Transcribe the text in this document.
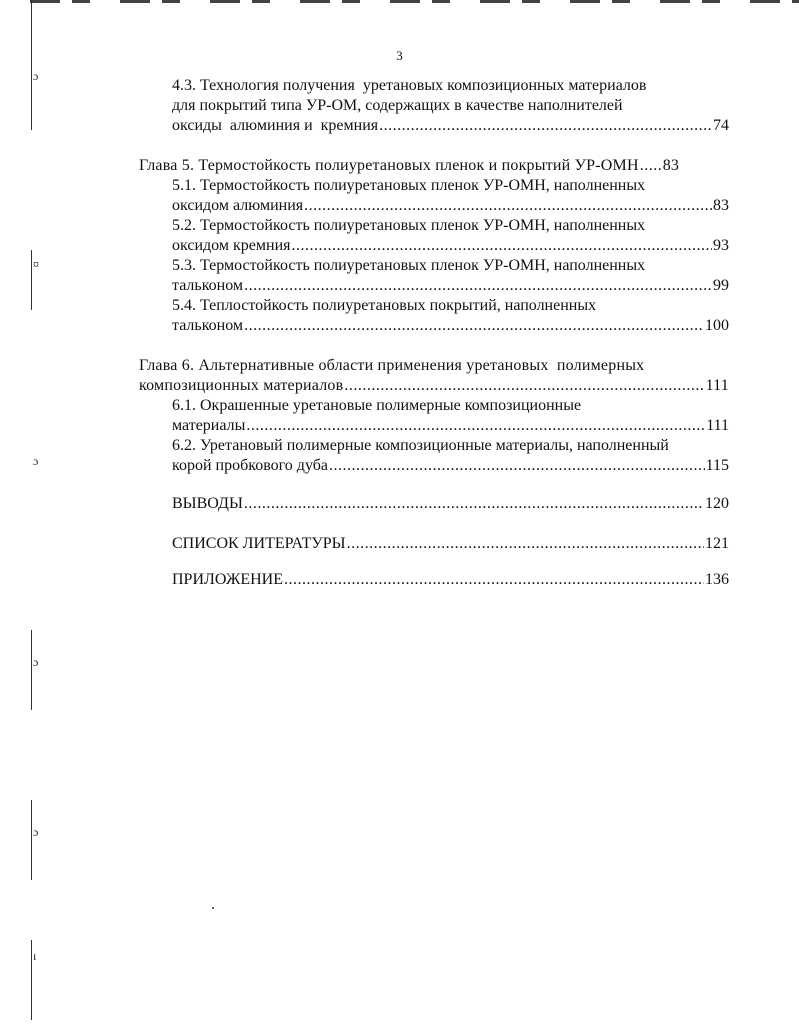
ɔ
¤
ɔ
ɔ
ɔ
ɪ
3
4.3. Технология получения  уретановых композиционных материалов
для покрытий типа УР-ОМ, содержащих в качестве наполнителей
оксиды  алюминия и  кремния .....	74
Глава 5. Термостойкость полиуретановых пленок и покрытий УР-ОМН ..... 83
5.1. Термостойкость полиуретановых пленок УР-ОМН, наполненных
оксидом алюминия .....	83
5.2. Термостойкость полиуретановых пленок УР-ОМН, наполненных
оксидом кремния .....	93
5.3. Термостойкость полиуретановых пленок УР-ОМН, наполненных
тальконом .....	99
5.4. Теплостойкость полиуретановых покрытий, наполненных
тальконом .....	100
Глава 6. Альтернативные области применения уретановых  полимерных
композиционных материалов .....	111
6.1. Окрашенные уретановые полимерные композиционные
материалы .....	111
6.2. Уретановый полимерные композиционные материалы, наполненный
корой пробкового дуба .....	115
ВЫВОДЫ .....	120
СПИСОК ЛИТЕРАТУРЫ .....	121
ПРИЛОЖЕНИЕ .....	136
